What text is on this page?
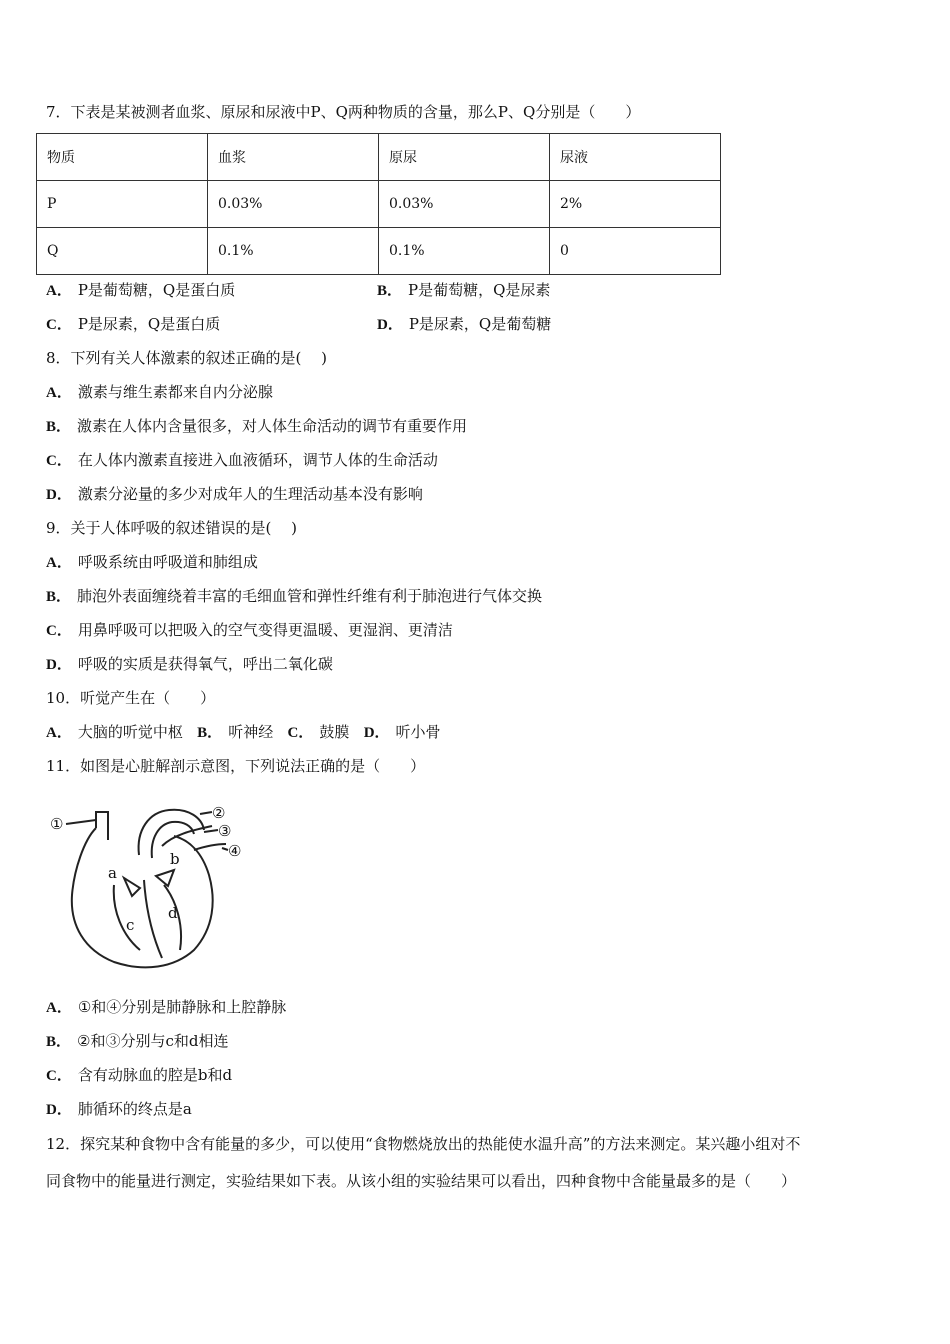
7．下表是某被测者血浆、原尿和尿液中P、Q两种物质的含量，那么P、Q分别是（　　）
物质	血浆	原尿	尿液
P	0.03%	0.03%	2%
Q	0.1%	0.1%	0
A． P是葡萄糖，Q是蛋白质	B． P是葡萄糖，Q是尿素
C． P是尿素，Q是蛋白质	D． P是尿素，Q是葡萄糖
8．下列有关人体激素的叙述正确的是(　 )
A． 激素与维生素都来自内分泌腺
B． 激素在人体内含量很多，对人体生命活动的调节有重要作用
C． 在人体内激素直接进入血液循环，调节人体的生命活动
D． 激素分泌量的多少对成年人的生理活动基本没有影响
9．关于人体呼吸的叙述错误的是(　 )
A． 呼吸系统由呼吸道和肺组成
B． 肺泡外表面缠绕着丰富的毛细血管和弹性纤维有利于肺泡进行气体交换
C． 用鼻呼吸可以把吸入的空气变得更温暖、更湿润、更清洁
D． 呼吸的实质是获得氧气，呼出二氧化碳
10．听觉产生在（　　）
A． 大脑的听觉中枢 B． 听神经 C． 鼓膜 D． 听小骨
11．如图是心脏解剖示意图，下列说法正确的是（　　）
①
②
③
④
a
b
c
d
A． ①和④分别是肺静脉和上腔静脉
B． ②和③分别与c和d相连
C． 含有动脉血的腔是b和d
D． 肺循环的终点是a
12．探究某种食物中含有能量的多少，可以使用“食物燃烧放出的热能使水温升高”的方法来测定。某兴趣小组对不
同食物中的能量进行测定，实验结果如下表。从该小组的实验结果可以看出，四种食物中含能量最多的是（　　）
